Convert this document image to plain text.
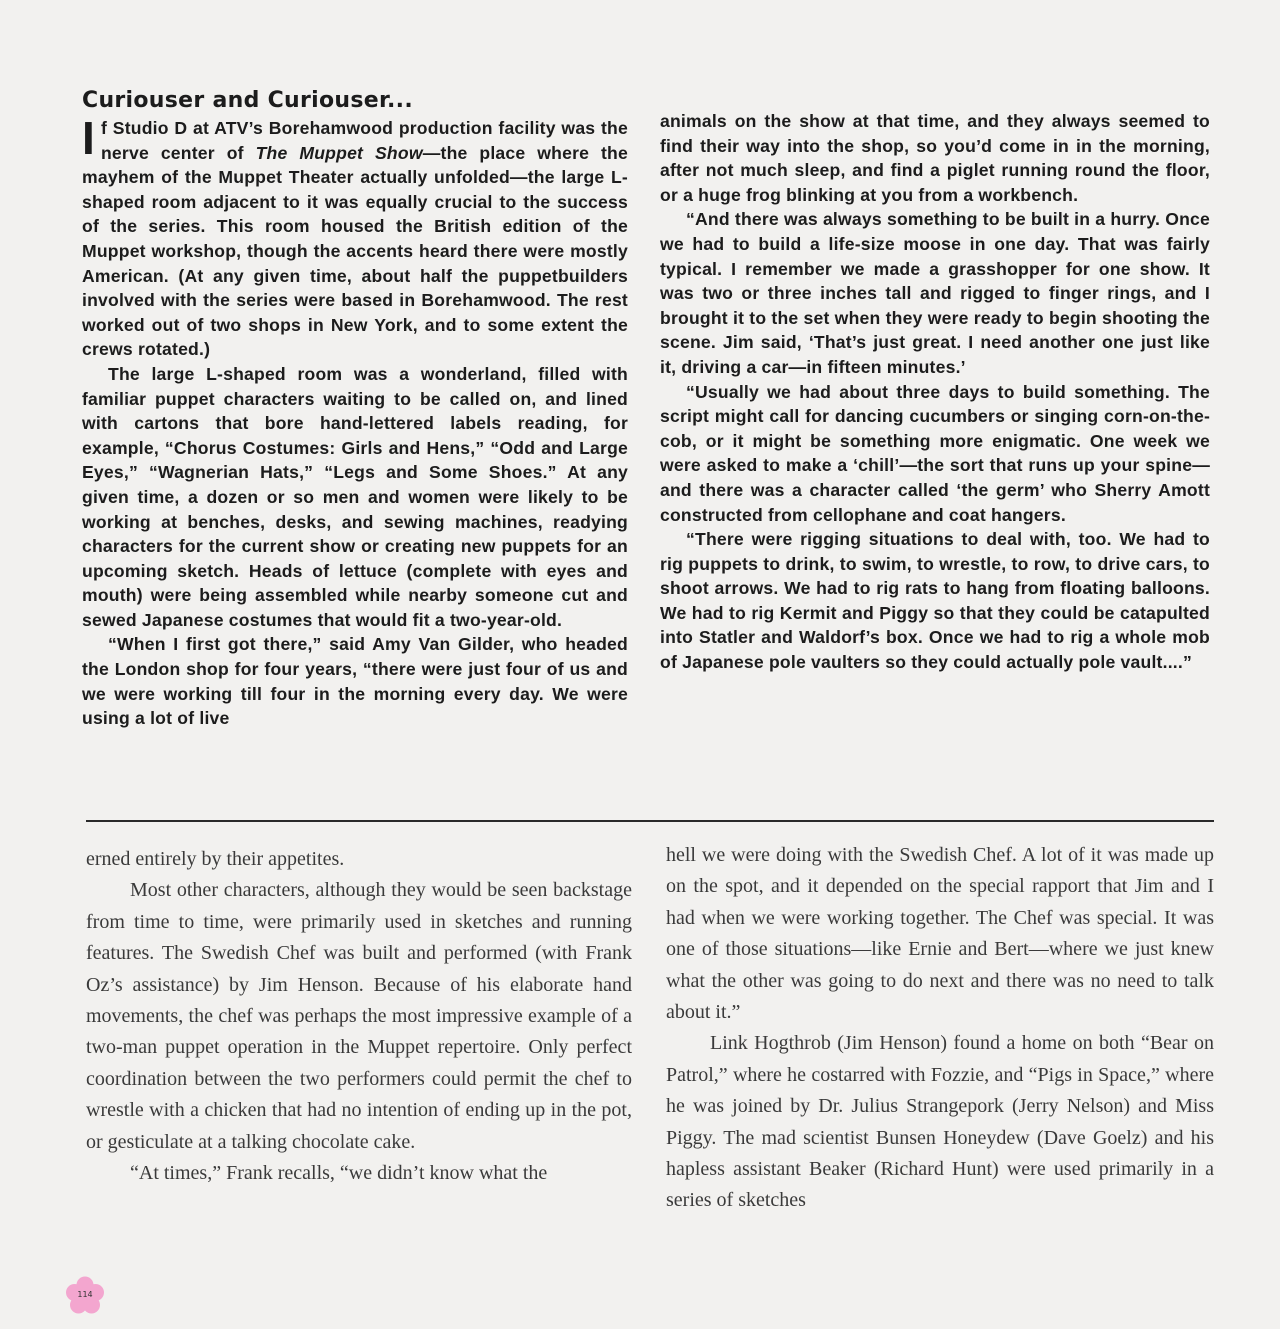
Curiouser and Curiouser...

If Studio D at ATV’s Borehamwood production facility was the nerve center of The Muppet Show—the place where the mayhem of the Muppet Theater actually unfolded—the large L-shaped room adjacent to it was equally crucial to the success of the series. This room housed the British edition of the Muppet workshop, though the accents heard there were mostly American. (At any given time, about half the puppetbuilders involved with the series were based in Borehamwood. The rest worked out of two shops in New York, and to some extent the crews rotated.)

The large L-shaped room was a wonderland, filled with familiar puppet characters waiting to be called on, and lined with cartons that bore hand-lettered labels reading, for example, “Chorus Costumes: Girls and Hens,” “Odd and Large Eyes,” “Wagnerian Hats,” “Legs and Some Shoes.” At any given time, a dozen or so men and women were likely to be working at benches, desks, and sewing machines, readying characters for the current show or creating new puppets for an upcoming sketch. Heads of lettuce (complete with eyes and mouth) were being assembled while nearby someone cut and sewed Japanese costumes that would fit a two-year-old.

“When I first got there,” said Amy Van Gilder, who headed the London shop for four years, “there were just four of us and we were working till four in the morning every day. We were using a lot of live

animals on the show at that time, and they always seemed to find their way into the shop, so you’d come in in the morning, after not much sleep, and find a piglet running round the floor, or a huge frog blinking at you from a workbench.

“And there was always something to be built in a hurry. Once we had to build a life-size moose in one day. That was fairly typical. I remember we made a grasshopper for one show. It was two or three inches tall and rigged to finger rings, and I brought it to the set when they were ready to begin shooting the scene. Jim said, ‘That’s just great. I need another one just like it, driving a car—in fifteen minutes.’

“Usually we had about three days to build something. The script might call for dancing cucumbers or singing corn-on-the-cob, or it might be something more enigmatic. One week we were asked to make a ‘chill’—the sort that runs up your spine—and there was a character called ‘the germ’ who Sherry Amott constructed from cellophane and coat hangers.

“There were rigging situations to deal with, too. We had to rig puppets to drink, to swim, to wrestle, to row, to drive cars, to shoot arrows. We had to rig rats to hang from floating balloons. We had to rig Kermit and Piggy so that they could be catapulted into Statler and Waldorf’s box. Once we had to rig a whole mob of Japanese pole vaulters so they could actually pole vault....”

erned entirely by their appetites.

Most other characters, although they would be seen backstage from time to time, were primarily used in sketches and running features. The Swedish Chef was built and performed (with Frank Oz’s assistance) by Jim Henson. Because of his elaborate hand movements, the chef was perhaps the most impressive example of a two-man puppet operation in the Muppet repertoire. Only perfect coordination between the two performers could permit the chef to wrestle with a chicken that had no intention of ending up in the pot, or gesticulate at a talking chocolate cake.

“At times,” Frank recalls, “we didn’t know what the

hell we were doing with the Swedish Chef. A lot of it was made up on the spot, and it depended on the special rapport that Jim and I had when we were working together. The Chef was special. It was one of those situations—like Ernie and Bert—where we just knew what the other was going to do next and there was no need to talk about it.”

Link Hogthrob (Jim Henson) found a home on both “Bear on Patrol,” where he costarred with Fozzie, and “Pigs in Space,” where he was joined by Dr. Julius Strangepork (Jerry Nelson) and Miss Piggy. The mad scientist Bunsen Honeydew (Dave Goelz) and his hapless assistant Beaker (Richard Hunt) were used primarily in a series of sketches

114
